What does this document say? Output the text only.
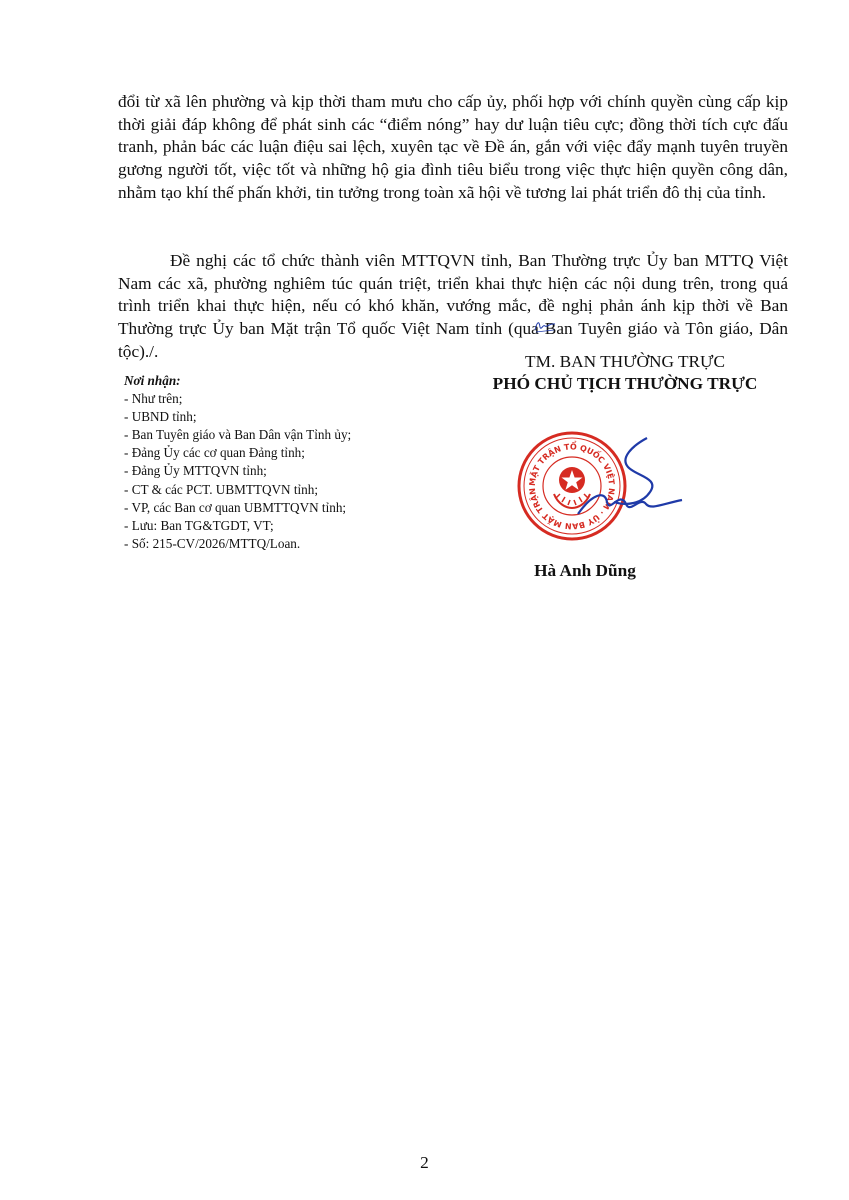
đổi từ xã lên phường và kịp thời tham mưu cho cấp ủy, phối hợp với chính quyền cùng cấp kịp thời giải đáp không để phát sinh các “điểm nóng” hay dư luận tiêu cực; đồng thời tích cực đấu tranh, phản bác các luận điệu sai lệch, xuyên tạc về Đề án, gắn với việc đẩy mạnh tuyên truyền gương người tốt, việc tốt và những hộ gia đình tiêu biểu trong việc thực hiện quyền công dân, nhằm tạo khí thế phấn khởi, tin tưởng trong toàn xã hội về tương lai phát triển đô thị của tỉnh.

Đề nghị các tổ chức thành viên MTTQVN tỉnh, Ban Thường trực Ủy ban MTTQ Việt Nam các xã, phường nghiêm túc quán triệt, triển khai thực hiện các nội dung trên, trong quá trình triển khai thực hiện, nếu có khó khăn, vướng mắc, đề nghị phản ánh kịp thời về Ban Thường trực Ủy ban Mặt trận Tổ quốc Việt Nam tỉnh (qua Ban Tuyên giáo và Tôn giáo, Dân tộc)./.

Nơi nhận:
- Như trên;
- UBND tỉnh;
- Ban Tuyên giáo và Ban Dân vận Tỉnh ủy;
- Đảng Ủy các cơ quan Đảng tỉnh;
- Đảng Ủy MTTQVN tỉnh;
- CT & các PCT. UBMTTQVN tỉnh;
- VP, các Ban cơ quan UBMTTQVN tỉnh;
- Lưu: Ban TG&TGDT, VT;
- Số: 215-CV/2026/MTTQ/Loan.
TM. BAN THƯỜNG TRỰC
PHÓ CHỦ TỊCH THƯỜNG TRỰC
MẶT TRẬN TỔ QUỐC VIỆT NAM · ỦY BAN MẶT TRẬN
Hà Anh Dũng
2
